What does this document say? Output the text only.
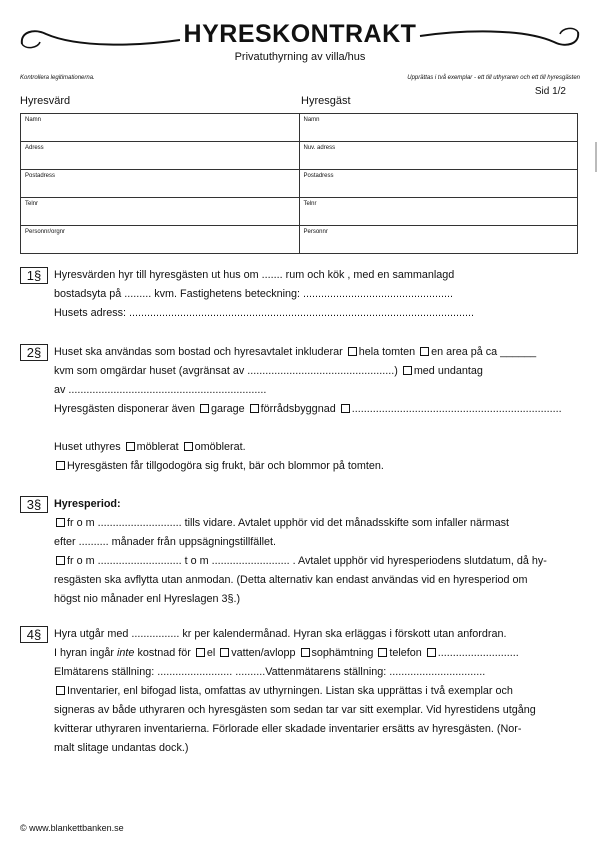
HYRESKONTRAKT
Privatuthyrning av villa/hus
Kontrollera legitimationerna.	Upprättas i två exemplar - ett till uthyraren och ett till hyresgästen
Sid 1/2
Hyresvärd	Hyresgäst
Namn	Namn
Adress	Nuv. adress
Postadress	Postadress
Telnr	Telnr
Personnr/orgnr	Personnr
1§	Hyresvärden hyr till hyresgästen ut hus om ....... rum och kök , med en sammanlagd
bostadsyta på ......... kvm. Fastighetens beteckning: ..................................................
Husets adress: ...................................................................................................................
2§	Huset ska användas som bostad och hyresavtalet inkluderar hela tomten en area på ca ______
kvm som omgärdar huset (avgränsat av .................................................) med undantag
av ..................................................................
Hyresgästen disponerar även garage förrådsbyggnad ......................................................................

Huset uthyres möblerat omöblerat.
Hyresgästen får tillgodogöra sig frukt, bär och blommor på tomten.
3§	Hyresperiod:
fr o m ............................ tills vidare. Avtalet upphör vid det månadsskifte som infaller närmast
efter .......... månader från uppsägningstillfället.
fr o m ............................ t o m .......................... . Avtalet upphör vid hyresperiodens slutdatum, då hy-
resgästen ska avflytta utan anmodan. (Detta alternativ kan endast användas vid en hyresperiod om
högst nio månader enl Hyreslagen 3§.)
4§	Hyra utgår med ................ kr per kalendermånad. Hyran ska erläggas i förskott utan anfordran.
I hyran ingår inte kostnad för el vatten/avlopp sophämtning telefon ...........................
Elmätarens ställning: ......................... ..........Vattenmätarens ställning: ................................
Inventarier, enl bifogad lista, omfattas av uthyrningen. Listan ska upprättas i två exemplar och
signeras av både uthyraren och hyresgästen som sedan tar var sitt exemplar. Vid hyrestidens utgång
kvitterar uthyraren inventarierna. Förlorade eller skadade inventarier ersätts av hyresgästen. (Nor-
malt slitage undantas dock.)
© www.blankettbanken.se
